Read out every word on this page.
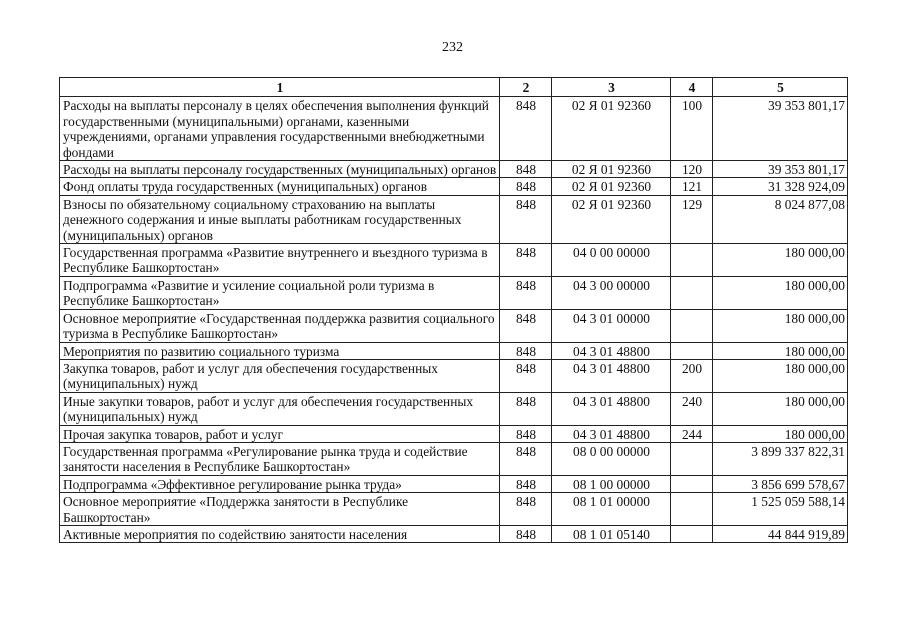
232
1	2	3	4	5
Расходы на выплаты персоналу в целях обеспечения выполнения функций государственными (муниципальными) органами, казенными учреждениями, органами управления государственными внебюджетными фондами	848	02 Я 01 92360	100	39 353 801,17
Расходы на выплаты персоналу государственных (муниципальных) органов	848	02 Я 01 92360	120	39 353 801,17
Фонд оплаты труда государственных (муниципальных) органов	848	02 Я 01 92360	121	31 328 924,09
Взносы по обязательному социальному страхованию на выплаты денежного содержания и иные выплаты работникам государственных (муниципальных) органов	848	02 Я 01 92360	129	8 024 877,08
Государственная программа «Развитие внутреннего и въездного туризма в Республике Башкортостан»	848	04 0 00 00000		180 000,00
Подпрограмма «Развитие и усиление социальной роли туризма в Республике Башкортостан»	848	04 3 00 00000		180 000,00
Основное мероприятие «Государственная поддержка развития социального туризма в Республике Башкортостан»	848	04 3 01 00000		180 000,00
Мероприятия по развитию социального туризма	848	04 3 01 48800		180 000,00
Закупка товаров, работ и услуг для обеспечения государственных (муниципальных) нужд	848	04 3 01 48800	200	180 000,00
Иные закупки товаров, работ и услуг для обеспечения государственных (муниципальных) нужд	848	04 3 01 48800	240	180 000,00
Прочая закупка товаров, работ и услуг	848	04 3 01 48800	244	180 000,00
Государственная программа «Регулирование рынка труда и содействие занятости населения в Республике Башкортостан»	848	08 0 00 00000		3 899 337 822,31
Подпрограмма «Эффективное регулирование рынка труда»	848	08 1 00 00000		3 856 699 578,67
Основное мероприятие «Поддержка занятости в Республике Башкортостан»	848	08 1 01 00000		1 525 059 588,14
Активные мероприятия по содействию занятости населения	848	08 1 01 05140		44 844 919,89
